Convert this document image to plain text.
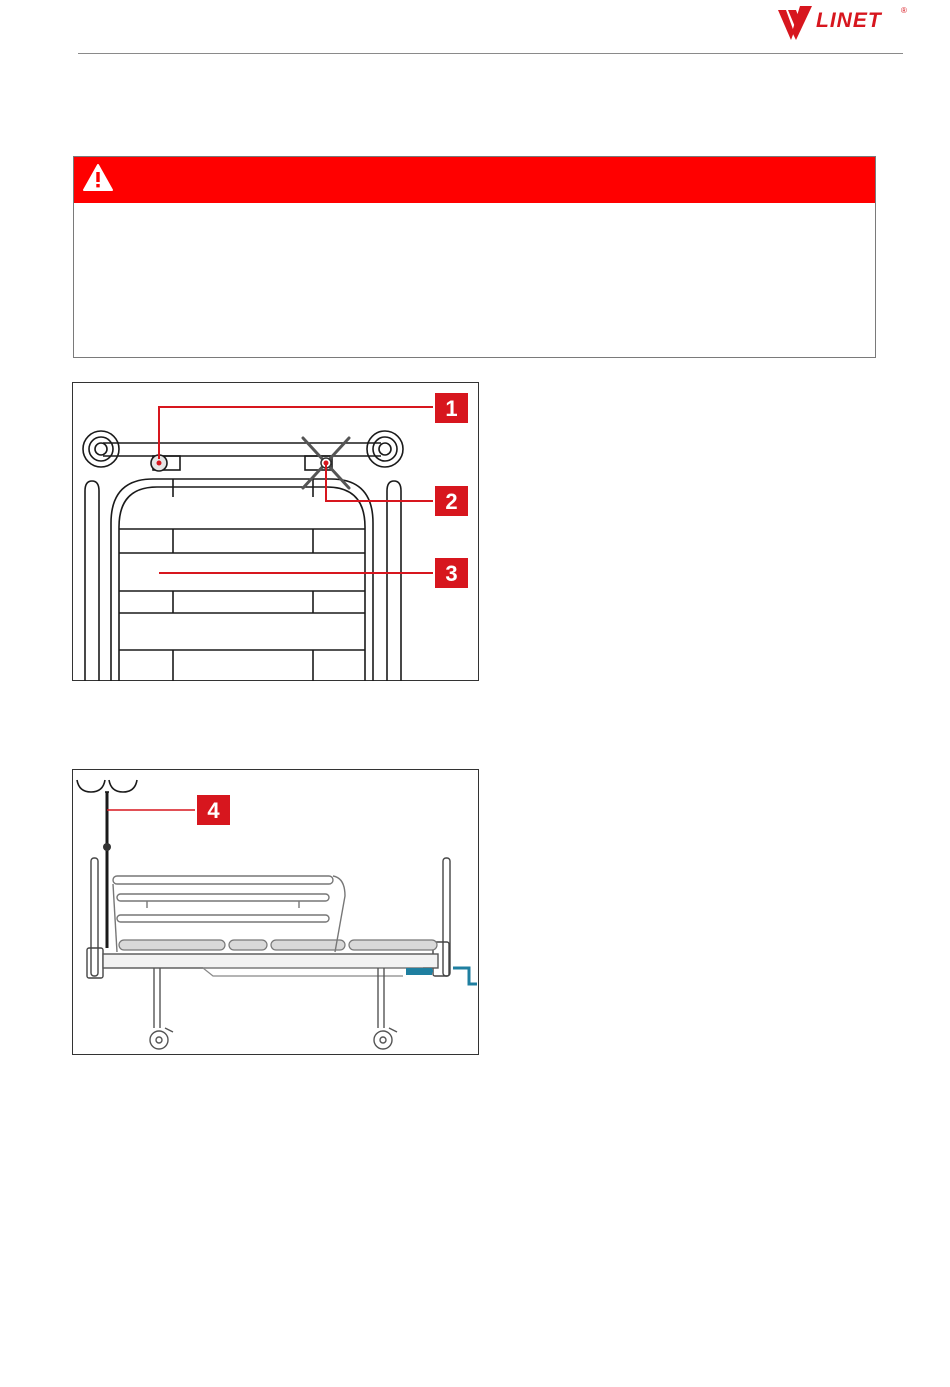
LINET ®
1
2
3
4
